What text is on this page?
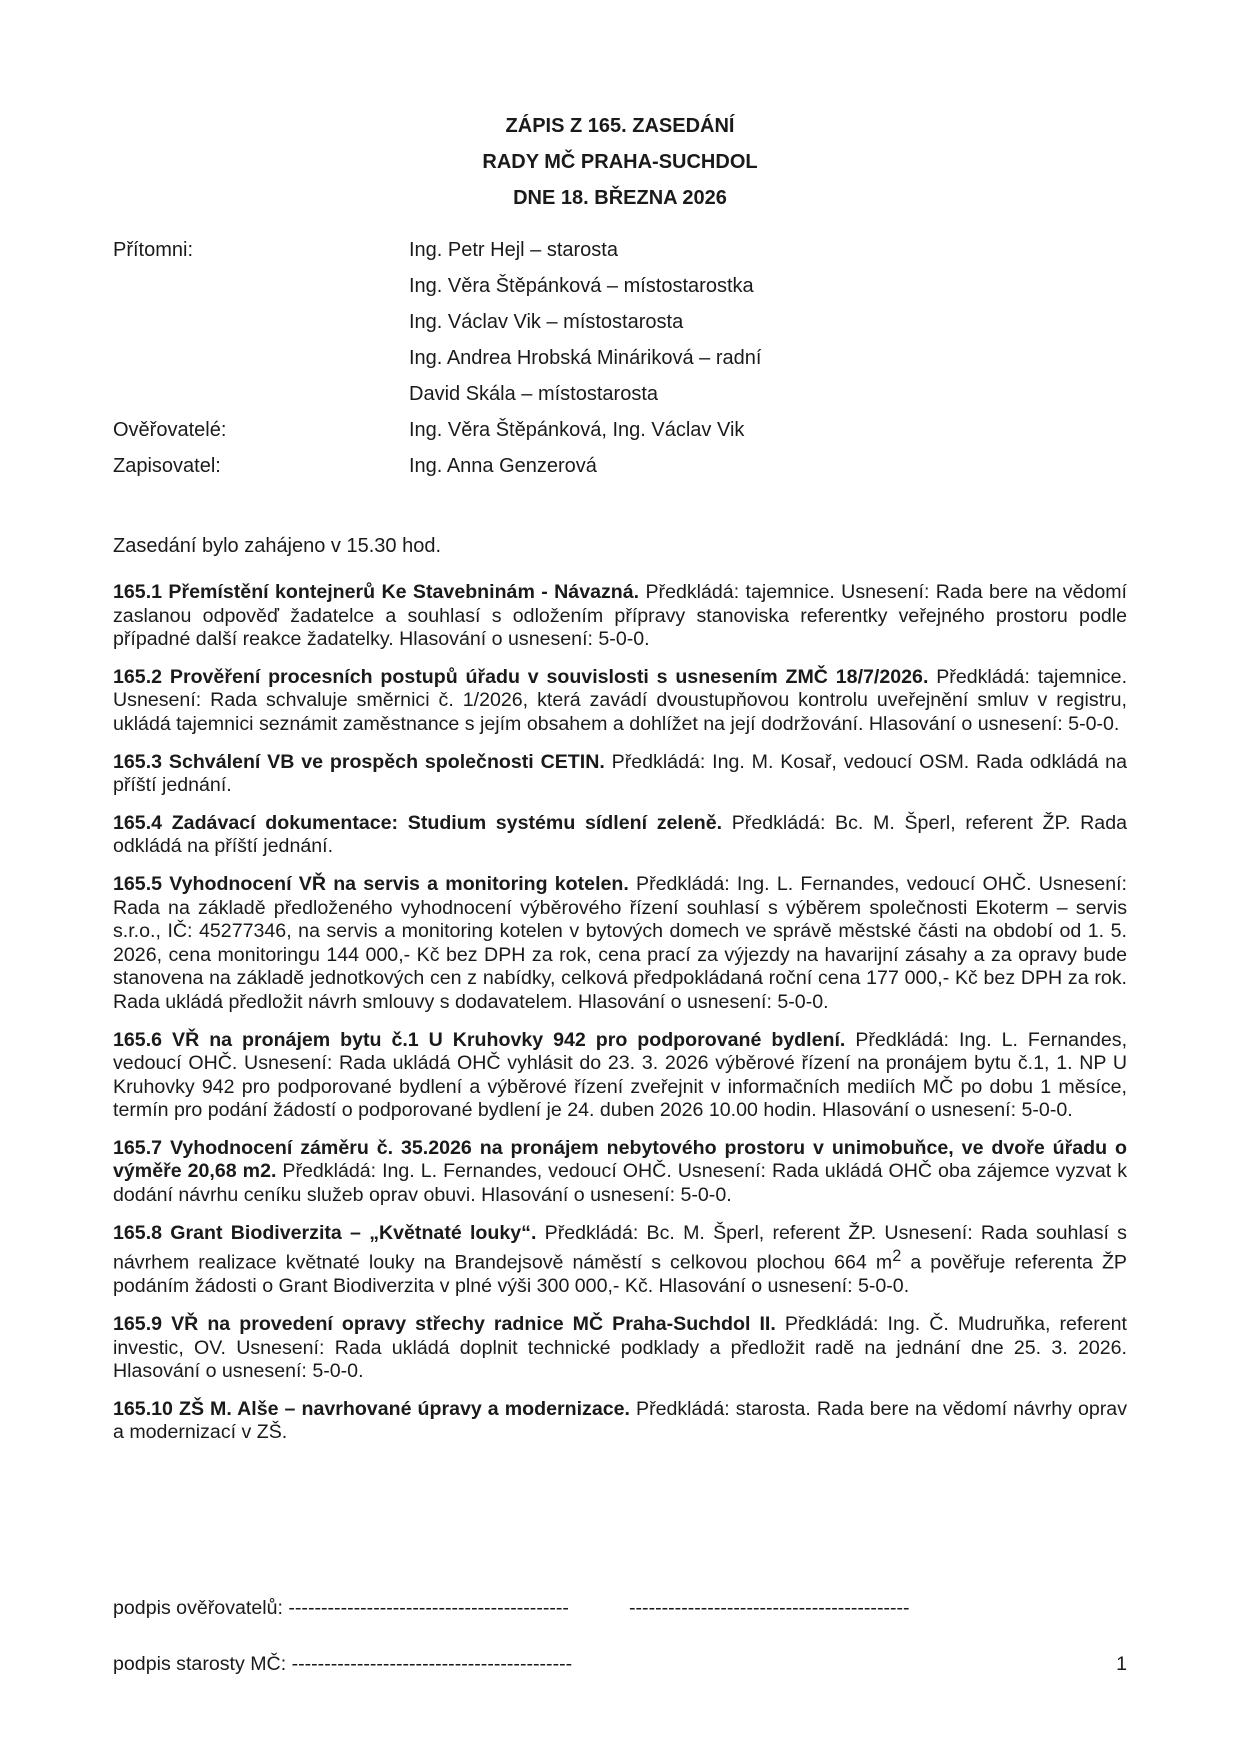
ZÁPIS Z 165. ZASEDÁNÍ
RADY MČ PRAHA-SUCHDOL
DNE 18. BŘEZNA 2026
Přítomni:	Ing. Petr Hejl – starosta
Ing. Věra Štěpánková – místostarostka
Ing. Václav Vik – místostarosta
Ing. Andrea Hrobská Mináriková – radní
David Skála – místostarosta
Ověřovatelé:	Ing. Věra Štěpánková, Ing. Václav Vik
Zapisovatel:	Ing. Anna Genzerová
Zasedání bylo zahájeno v 15.30 hod.

165.1 Přemístění kontejnerů Ke Stavebninám - Návazná. Předkládá: tajemnice. Usnesení: Rada bere na vědomí zaslanou odpověď žadatelce a souhlasí s odložením přípravy stanoviska referentky veřejného prostoru podle případné další reakce žadatelky. Hlasování o usnesení: 5-0-0.

165.2 Prověření procesních postupů úřadu v souvislosti s usnesením ZMČ 18/7/2026. Předkládá: tajemnice. Usnesení: Rada schvaluje směrnici č. 1/2026, která zavádí dvoustupňovou kontrolu uveřejnění smluv v registru, ukládá tajemnici seznámit zaměstnance s jejím obsahem a dohlížet na její dodržování. Hlasování o usnesení: 5-0-0.

165.3 Schválení VB ve prospěch společnosti CETIN. Předkládá: Ing. M. Kosař, vedoucí OSM. Rada odkládá na příští jednání.

165.4 Zadávací dokumentace: Studium systému sídlení zeleně. Předkládá: Bc. M. Šperl, referent ŽP. Rada odkládá na příští jednání.

165.5 Vyhodnocení VŘ na servis a monitoring kotelen. Předkládá: Ing. L. Fernandes, vedoucí OHČ. Usnesení: Rada na základě předloženého vyhodnocení výběrového řízení souhlasí s výběrem společnosti Ekoterm – servis s.r.o., IČ: 45277346, na servis a monitoring kotelen v bytových domech ve správě městské části na období od 1. 5. 2026, cena monitoringu 144 000,- Kč bez DPH za rok, cena prací za výjezdy na havarijní zásahy a za opravy bude stanovena na základě jednotkových cen z nabídky, celková předpokládaná roční cena 177 000,- Kč bez DPH za rok. Rada ukládá předložit návrh smlouvy s dodavatelem. Hlasování o usnesení: 5-0-0.

165.6 VŘ na pronájem bytu č.1 U Kruhovky 942 pro podporované bydlení. Předkládá: Ing. L. Fernandes, vedoucí OHČ. Usnesení: Rada ukládá OHČ vyhlásit do 23. 3. 2026 výběrové řízení na pronájem bytu č.1, 1. NP U Kruhovky 942 pro podporované bydlení a výběrové řízení zveřejnit v informačních mediích MČ po dobu 1 měsíce, termín pro podání žádostí o podporované bydlení je 24. duben 2026 10.00 hodin. Hlasování o usnesení: 5-0-0.

165.7 Vyhodnocení záměru č. 35.2026 na pronájem nebytového prostoru v unimobuňce, ve dvoře úřadu o výměře 20,68 m2. Předkládá: Ing. L. Fernandes, vedoucí OHČ. Usnesení: Rada ukládá OHČ oba zájemce vyzvat k dodání návrhu ceníku služeb oprav obuvi. Hlasování o usnesení: 5-0-0.

165.8 Grant Biodiverzita – „Květnaté louky“. Předkládá: Bc. M. Šperl, referent ŽP. Usnesení: Rada souhlasí s návrhem realizace květnaté louky na Brandejsově náměstí s celkovou plochou 664 $m^2$ a pověřuje referenta ŽP podáním žádosti o Grant Biodiverzita v plné výši 300 000,- Kč. Hlasování o usnesení: 5-0-0.

165.9 VŘ na provedení opravy střechy radnice MČ Praha-Suchdol II. Předkládá: Ing. Č. Mudruňka, referent investic, OV. Usnesení: Rada ukládá doplnit technické podklady a předložit radě na jednání dne 25. 3. 2026. Hlasování o usnesení: 5-0-0.

165.10 ZŠ M. Alše – navrhované úpravy a modernizace. Předkládá: starosta. Rada bere na vědomí návrhy oprav a modernizací v ZŠ.

podpis ověřovatelů: -------------------------------------------	-------------------------------------------
podpis starosty MČ: -------------------------------------------	1
